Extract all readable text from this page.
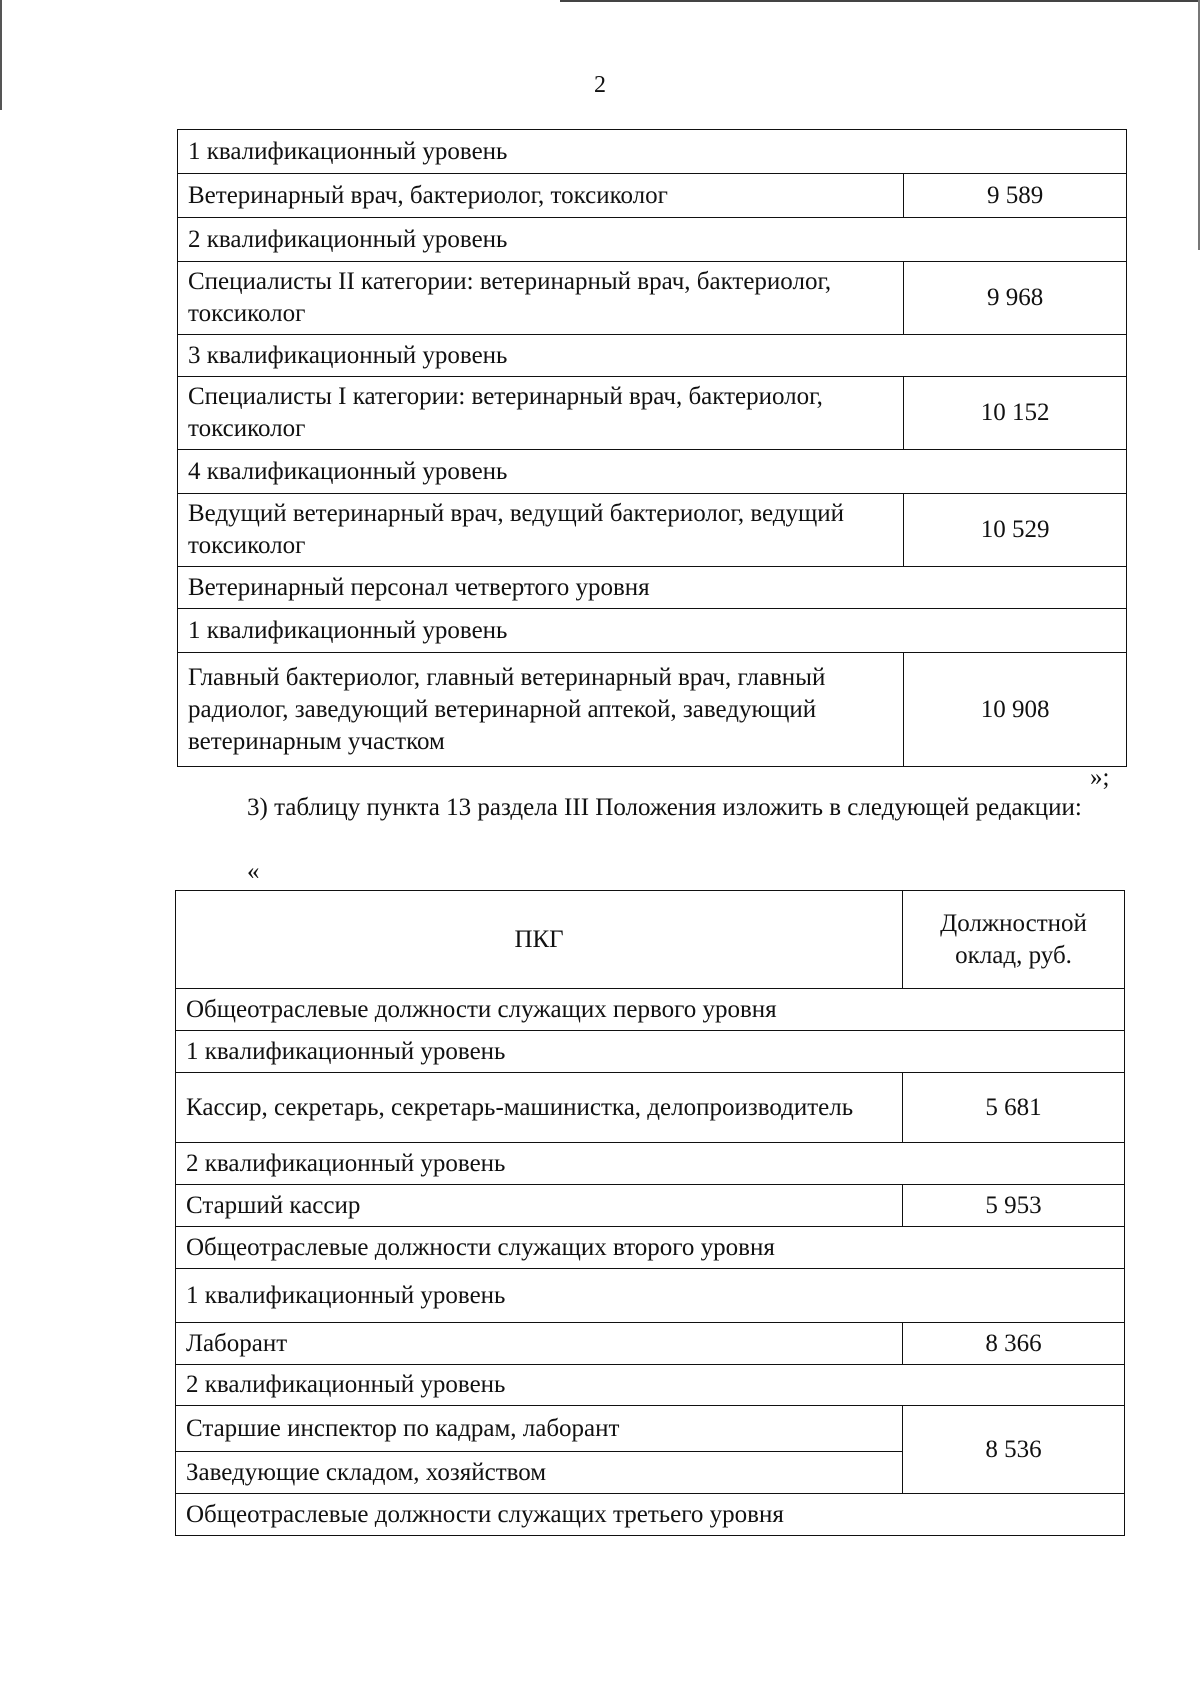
2
1 квалификационный уровень	
Ветеринарный врач, бактериолог, токсиколог	9 589
2 квалификационный уровень	
Специалисты II категории: ветеринарный врач, бактериолог, токсиколог	9 968
3 квалификационный уровень	
Специалисты I категории: ветеринарный врач, бактериолог, токсиколог	10 152
4 квалификационный уровень	
Ведущий ветеринарный врач, ведущий бактериолог, ведущий токсиколог	10 529
Ветеринарный персонал четвертого уровня	
1 квалификационный уровень	
Главный бактериолог, главный ветеринарный врач, главный радиолог, заведующий ветеринарной аптекой, заведующий ветеринарным участком	10 908
»;
3) таблицу пункта 13 раздела III Положения изложить в следующей редакции:
«
ПКГ	Должностной оклад, руб.
Общеотраслевые должности служащих первого уровня	
1 квалификационный уровень	
Кассир, секретарь, секретарь-машинистка, делопроизводитель	5 681
2 квалификационный уровень	
Старший кассир	5 953
Общеотраслевые должности служащих второго уровня	
1 квалификационный уровень	
Лаборант	8 366
2 квалификационный уровень	
Старшие инспектор по кадрам, лаборант	8 536
Заведующие складом, хозяйством	
Общеотраслевые должности служащих третьего уровня	
